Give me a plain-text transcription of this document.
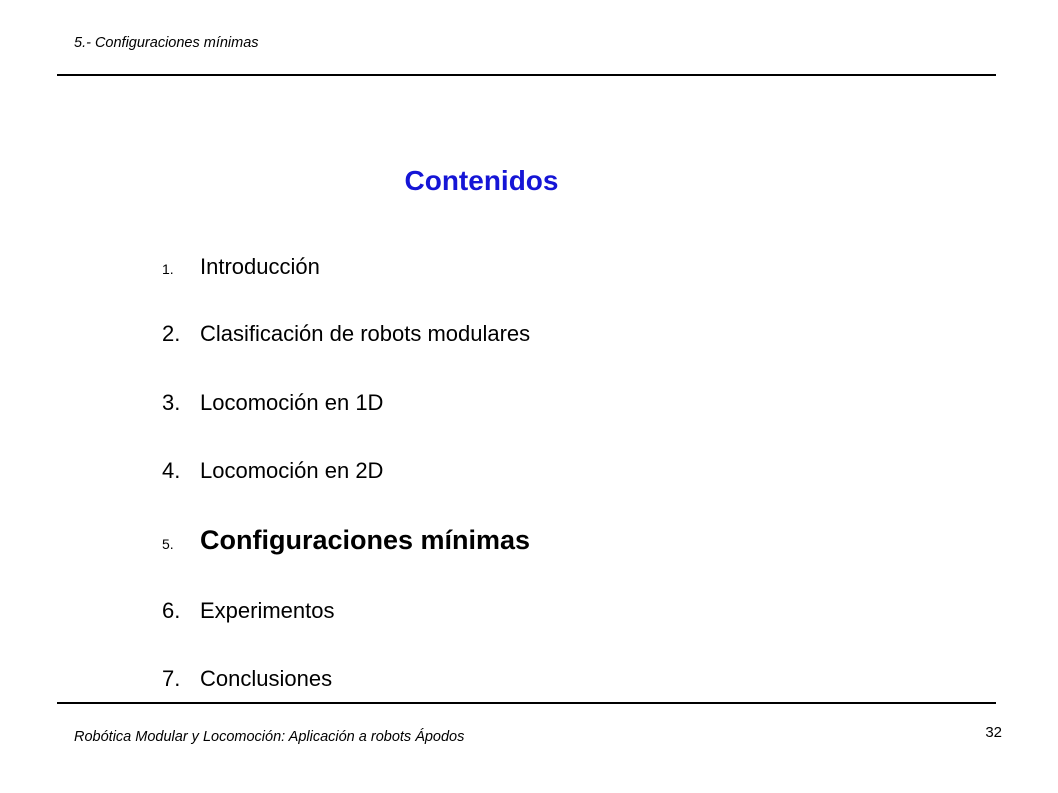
5.- Configuraciones mínimas
Contenidos
1. Introducción
2. Clasificación de robots modulares
3. Locomoción en 1D
4. Locomoción en 2D
5. Configuraciones mínimas
6. Experimentos
7. Conclusiones
Robótica Modular y Locomoción: Aplicación a robots Ápodos	32
